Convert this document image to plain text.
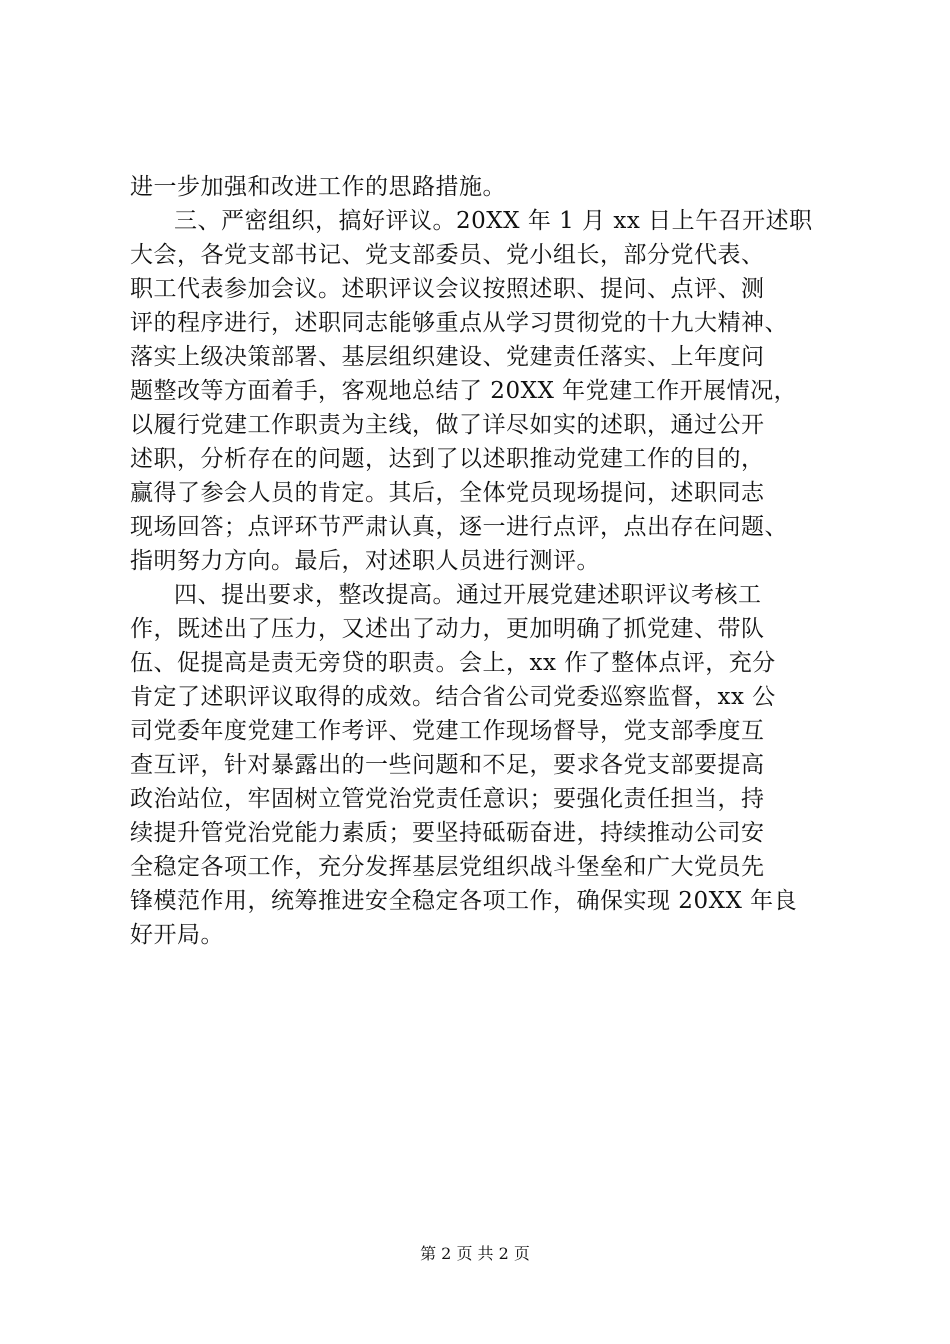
进一步加强和改进工作的思路措施。
三、严密组织，搞好评议。20XX 年 1 月 xx 日上午召开述职
大会，各党支部书记、党支部委员、党小组长，部分党代表、
职工代表参加会议。述职评议会议按照述职、提问、点评、测
评的程序进行，述职同志能够重点从学习贯彻党的十九大精神、
落实上级决策部署、基层组织建设、党建责任落实、上年度问
题整改等方面着手，客观地总结了 20XX 年党建工作开展情况，
以履行党建工作职责为主线，做了详尽如实的述职，通过公开
述职，分析存在的问题，达到了以述职推动党建工作的目的，
赢得了参会人员的肯定。其后，全体党员现场提问，述职同志
现场回答；点评环节严肃认真，逐一进行点评，点出存在问题、
指明努力方向。最后，对述职人员进行测评。
四、提出要求，整改提高。通过开展党建述职评议考核工
作，既述出了压力，又述出了动力，更加明确了抓党建、带队
伍、促提高是责无旁贷的职责。会上，xx 作了整体点评，充分
肯定了述职评议取得的成效。结合省公司党委巡察监督，xx 公
司党委年度党建工作考评、党建工作现场督导，党支部季度互
查互评，针对暴露出的一些问题和不足，要求各党支部要提高
政治站位，牢固树立管党治党责任意识；要强化责任担当，持
续提升管党治党能力素质；要坚持砥砺奋进，持续推动公司安
全稳定各项工作，充分发挥基层党组织战斗堡垒和广大党员先
锋模范作用，统筹推进安全稳定各项工作，确保实现 20XX 年良
好开局。
第 2 页 共 2 页
